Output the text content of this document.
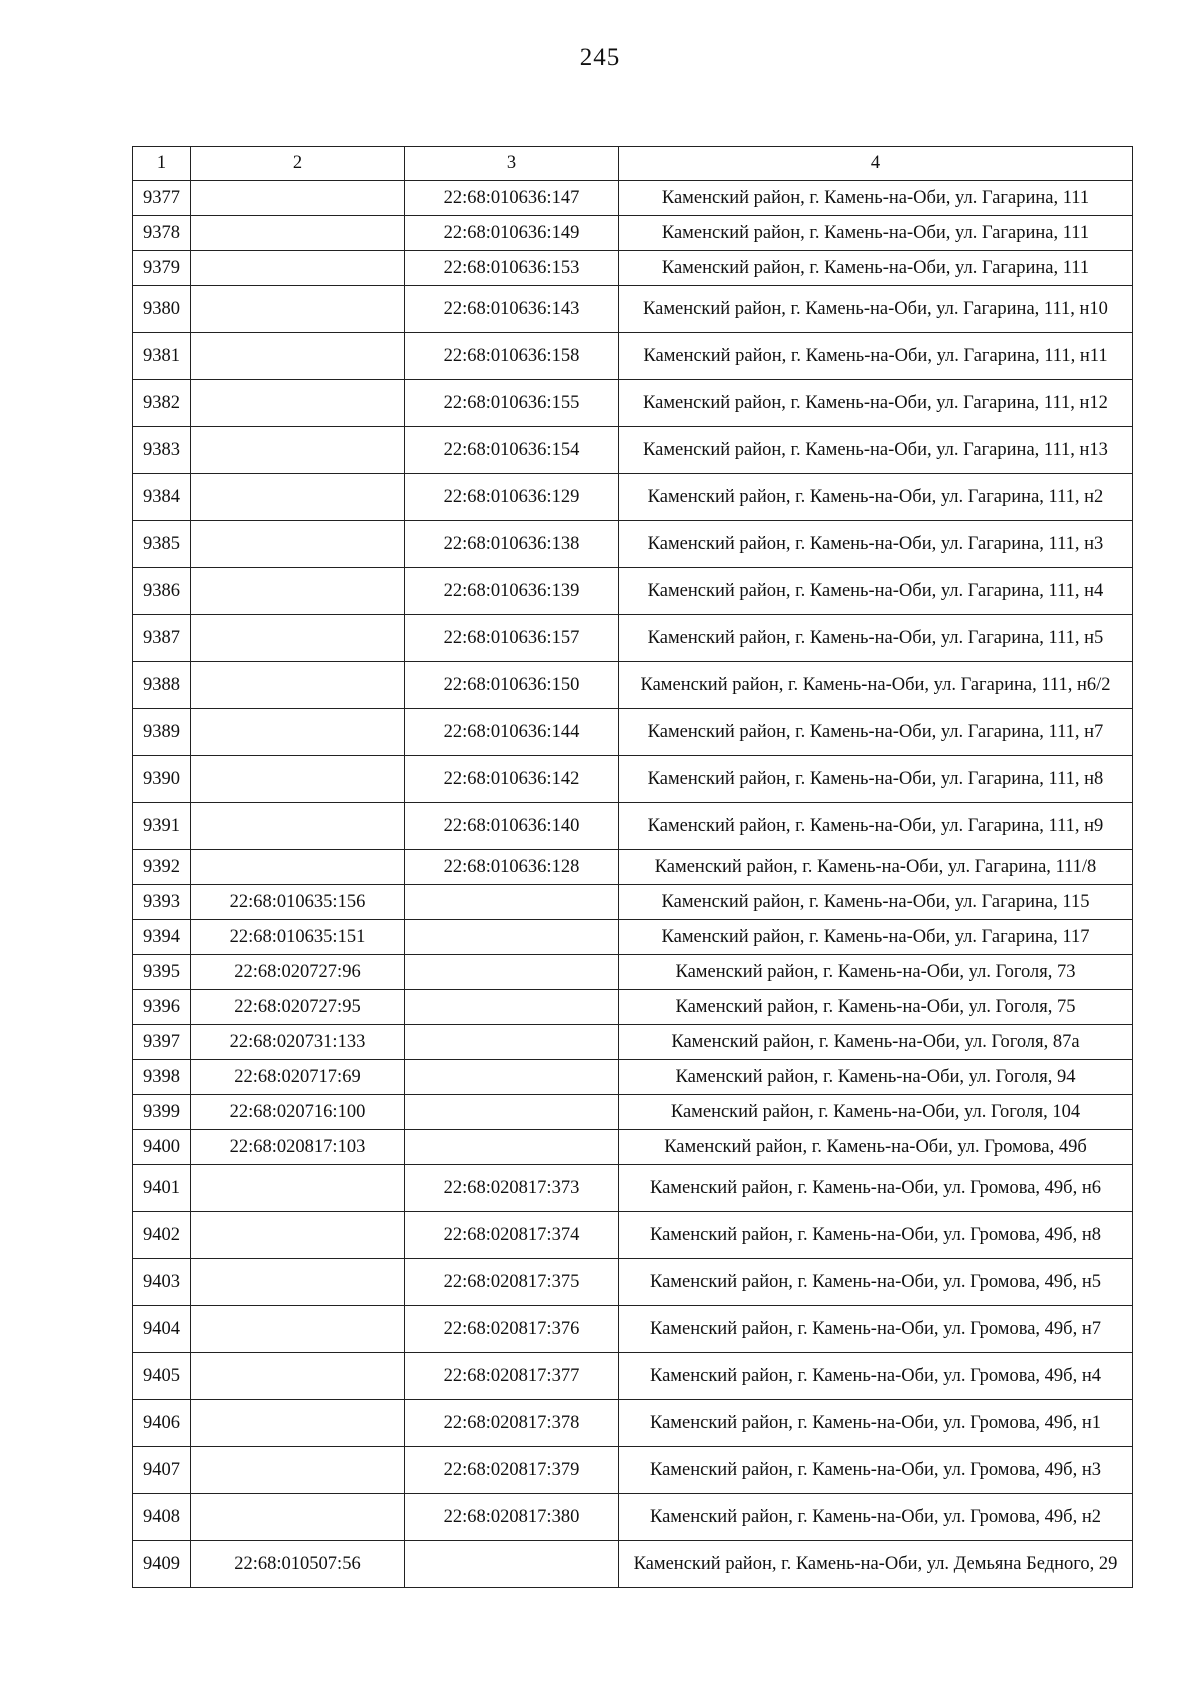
245
1	2	3	4
9377		22:68:010636:147	Каменский район, г. Камень-на-Оби, ул. Гагарина, 111
9378		22:68:010636:149	Каменский район, г. Камень-на-Оби, ул. Гагарина, 111
9379		22:68:010636:153	Каменский район, г. Камень-на-Оби, ул. Гагарина, 111
9380		22:68:010636:143	Каменский район, г. Камень-на-Оби, ул. Гагарина, 111, н10
9381		22:68:010636:158	Каменский район, г. Камень-на-Оби, ул. Гагарина, 111, н11
9382		22:68:010636:155	Каменский район, г. Камень-на-Оби, ул. Гагарина, 111, н12
9383		22:68:010636:154	Каменский район, г. Камень-на-Оби, ул. Гагарина, 111, н13
9384		22:68:010636:129	Каменский район, г. Камень-на-Оби, ул. Гагарина, 111, н2
9385		22:68:010636:138	Каменский район, г. Камень-на-Оби, ул. Гагарина, 111, н3
9386		22:68:010636:139	Каменский район, г. Камень-на-Оби, ул. Гагарина, 111, н4
9387		22:68:010636:157	Каменский район, г. Камень-на-Оби, ул. Гагарина, 111, н5
9388		22:68:010636:150	Каменский район, г. Камень-на-Оби, ул. Гагарина, 111, н6/2
9389		22:68:010636:144	Каменский район, г. Камень-на-Оби, ул. Гагарина, 111, н7
9390		22:68:010636:142	Каменский район, г. Камень-на-Оби, ул. Гагарина, 111, н8
9391		22:68:010636:140	Каменский район, г. Камень-на-Оби, ул. Гагарина, 111, н9
9392		22:68:010636:128	Каменский район, г. Камень-на-Оби, ул. Гагарина, 111/8
9393	22:68:010635:156		Каменский район, г. Камень-на-Оби, ул. Гагарина, 115
9394	22:68:010635:151		Каменский район, г. Камень-на-Оби, ул. Гагарина, 117
9395	22:68:020727:96		Каменский район, г. Камень-на-Оби, ул. Гоголя, 73
9396	22:68:020727:95		Каменский район, г. Камень-на-Оби, ул. Гоголя, 75
9397	22:68:020731:133		Каменский район, г. Камень-на-Оби, ул. Гоголя, 87а
9398	22:68:020717:69		Каменский район, г. Камень-на-Оби, ул. Гоголя, 94
9399	22:68:020716:100		Каменский район, г. Камень-на-Оби, ул. Гоголя, 104
9400	22:68:020817:103		Каменский район, г. Камень-на-Оби, ул. Громова, 49б
9401		22:68:020817:373	Каменский район, г. Камень-на-Оби, ул. Громова, 49б, н6
9402		22:68:020817:374	Каменский район, г. Камень-на-Оби, ул. Громова, 49б, н8
9403		22:68:020817:375	Каменский район, г. Камень-на-Оби, ул. Громова, 49б, н5
9404		22:68:020817:376	Каменский район, г. Камень-на-Оби, ул. Громова, 49б, н7
9405		22:68:020817:377	Каменский район, г. Камень-на-Оби, ул. Громова, 49б, н4
9406		22:68:020817:378	Каменский район, г. Камень-на-Оби, ул. Громова, 49б, н1
9407		22:68:020817:379	Каменский район, г. Камень-на-Оби, ул. Громова, 49б, н3
9408		22:68:020817:380	Каменский район, г. Камень-на-Оби, ул. Громова, 49б, н2
9409	22:68:010507:56		Каменский район, г. Камень-на-Оби, ул. Демьяна Бедного, 29
